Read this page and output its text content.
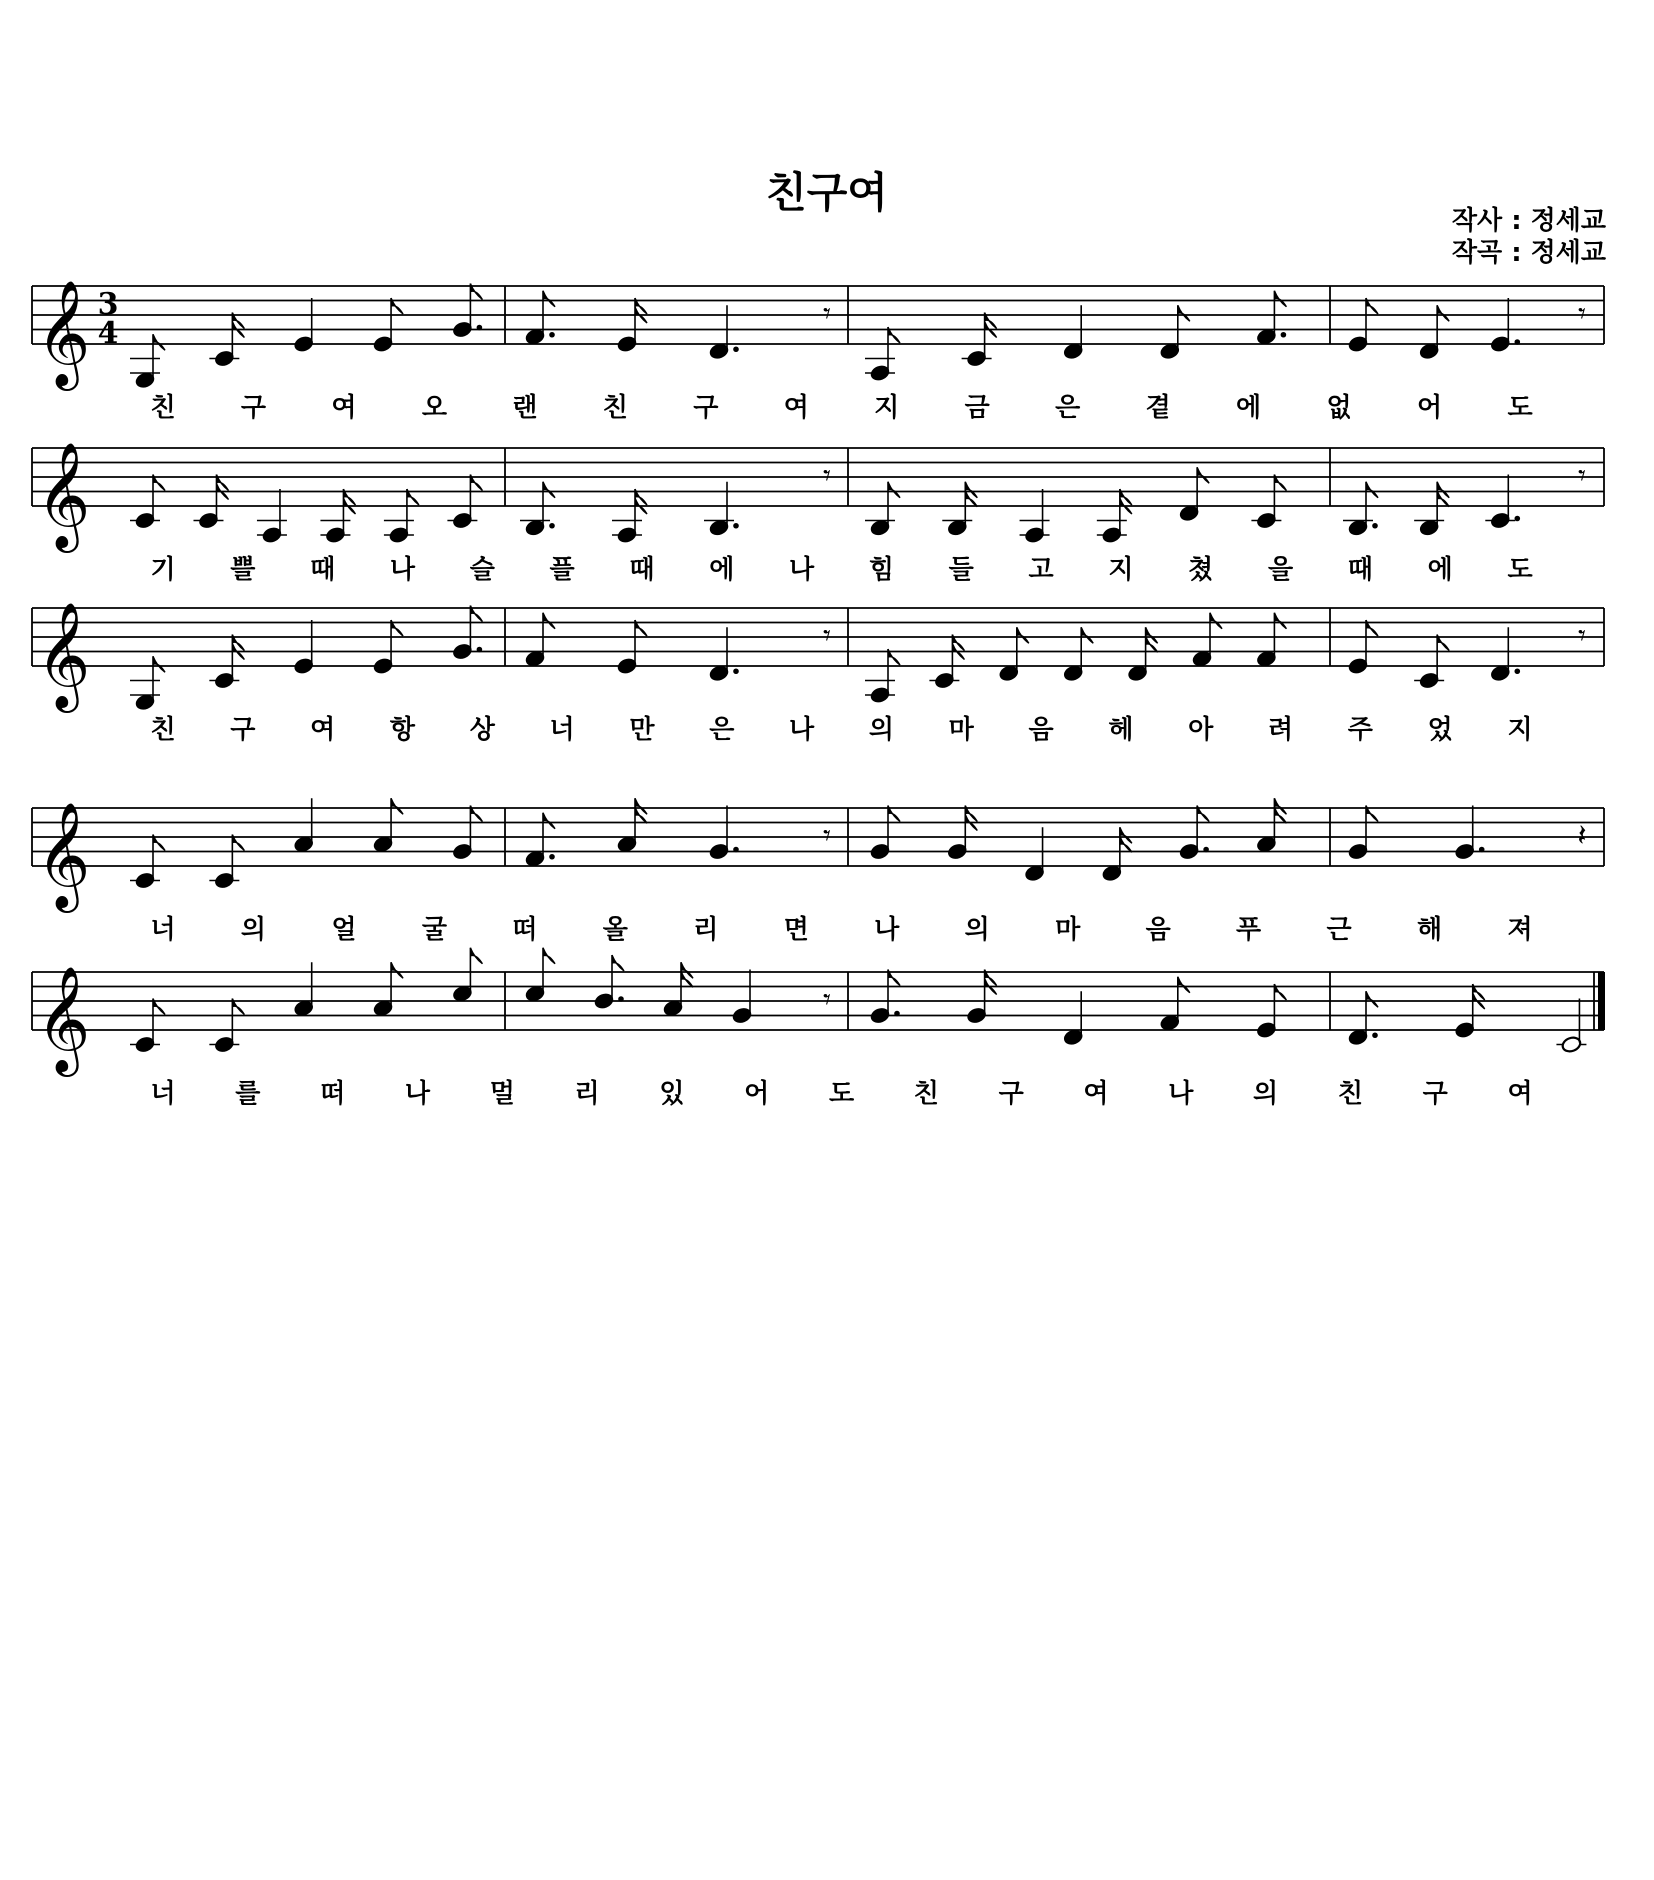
친구여
작사 : 정세교
작곡 : 정세교
𝄞 3
4
𝄾	𝄾
친	구	여	오	랜	친	구	여	지	금	은	곁	에	없	어	도
𝄞	𝄾	𝄾
기 쁠 때 나 슬 플 때 에 나 힘 들 고 지 쳤 을 때 에 도
𝄞	𝄾	𝄾
친 구 여 항 상 너 만 은 나 의 마 음 헤 아 려 주 었 지
𝄞	𝄾	𝄽
너	의	얼	굴	떠	올	리	면	나	의	마	음	푸	근	해	져
𝄞	𝄾
너 를 떠 나 멀 리 있 어 도 친 구 여 나 의 친 구 여
